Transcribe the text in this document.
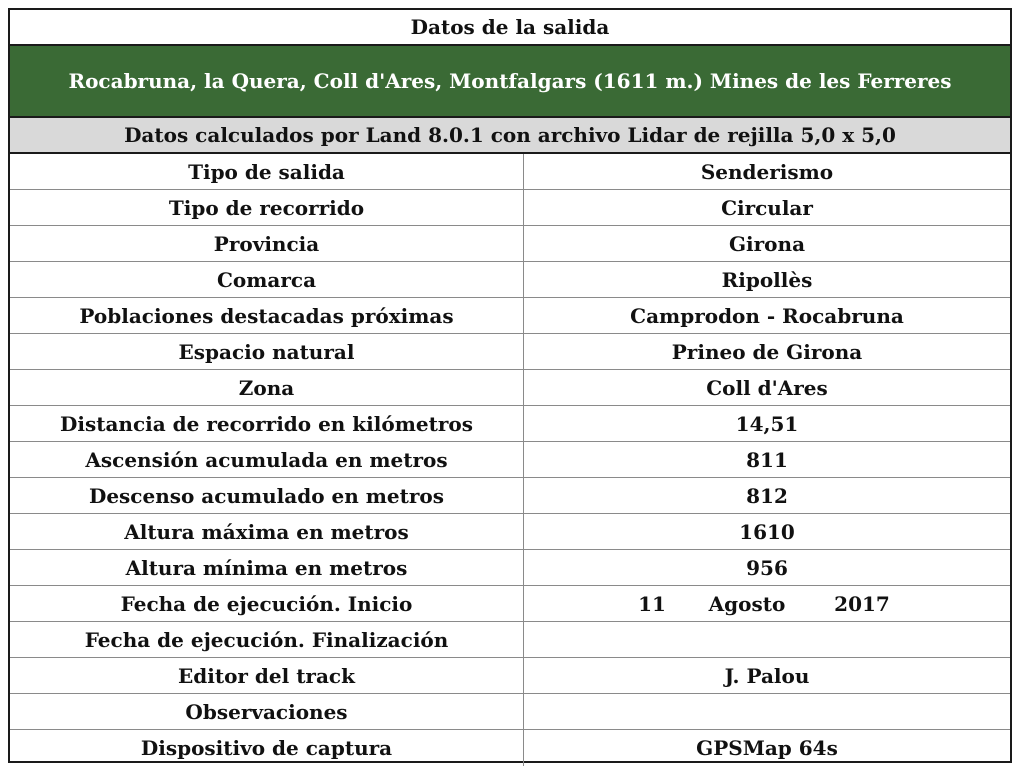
Datos de la salida
Rocabruna, la Quera, Coll d'Ares, Montfalgars (1611 m.) Mines de les Ferreres
Datos calculados por Land 8.0.1 con archivo Lidar de rejilla 5,0 x 5,0
Tipo de salida	Senderismo
Tipo de recorrido	Circular
Provincia	Girona
Comarca	Ripollès
Poblaciones destacadas próximas	Camprodon - Rocabruna
Espacio natural	Prineo de Girona
Zona	Coll d'Ares
Distancia de recorrido en kilómetros	14,51
Ascensión acumulada en metros	811
Descenso acumulado en metros	812
Altura máxima en metros	1610
Altura mínima en metros	956
Fecha de ejecución. Inicio	11	Agosto	2017
Fecha de ejecución. Finalización
Editor del track	J. Palou
Observaciones
Dispositivo de captura	GPSMap 64s
